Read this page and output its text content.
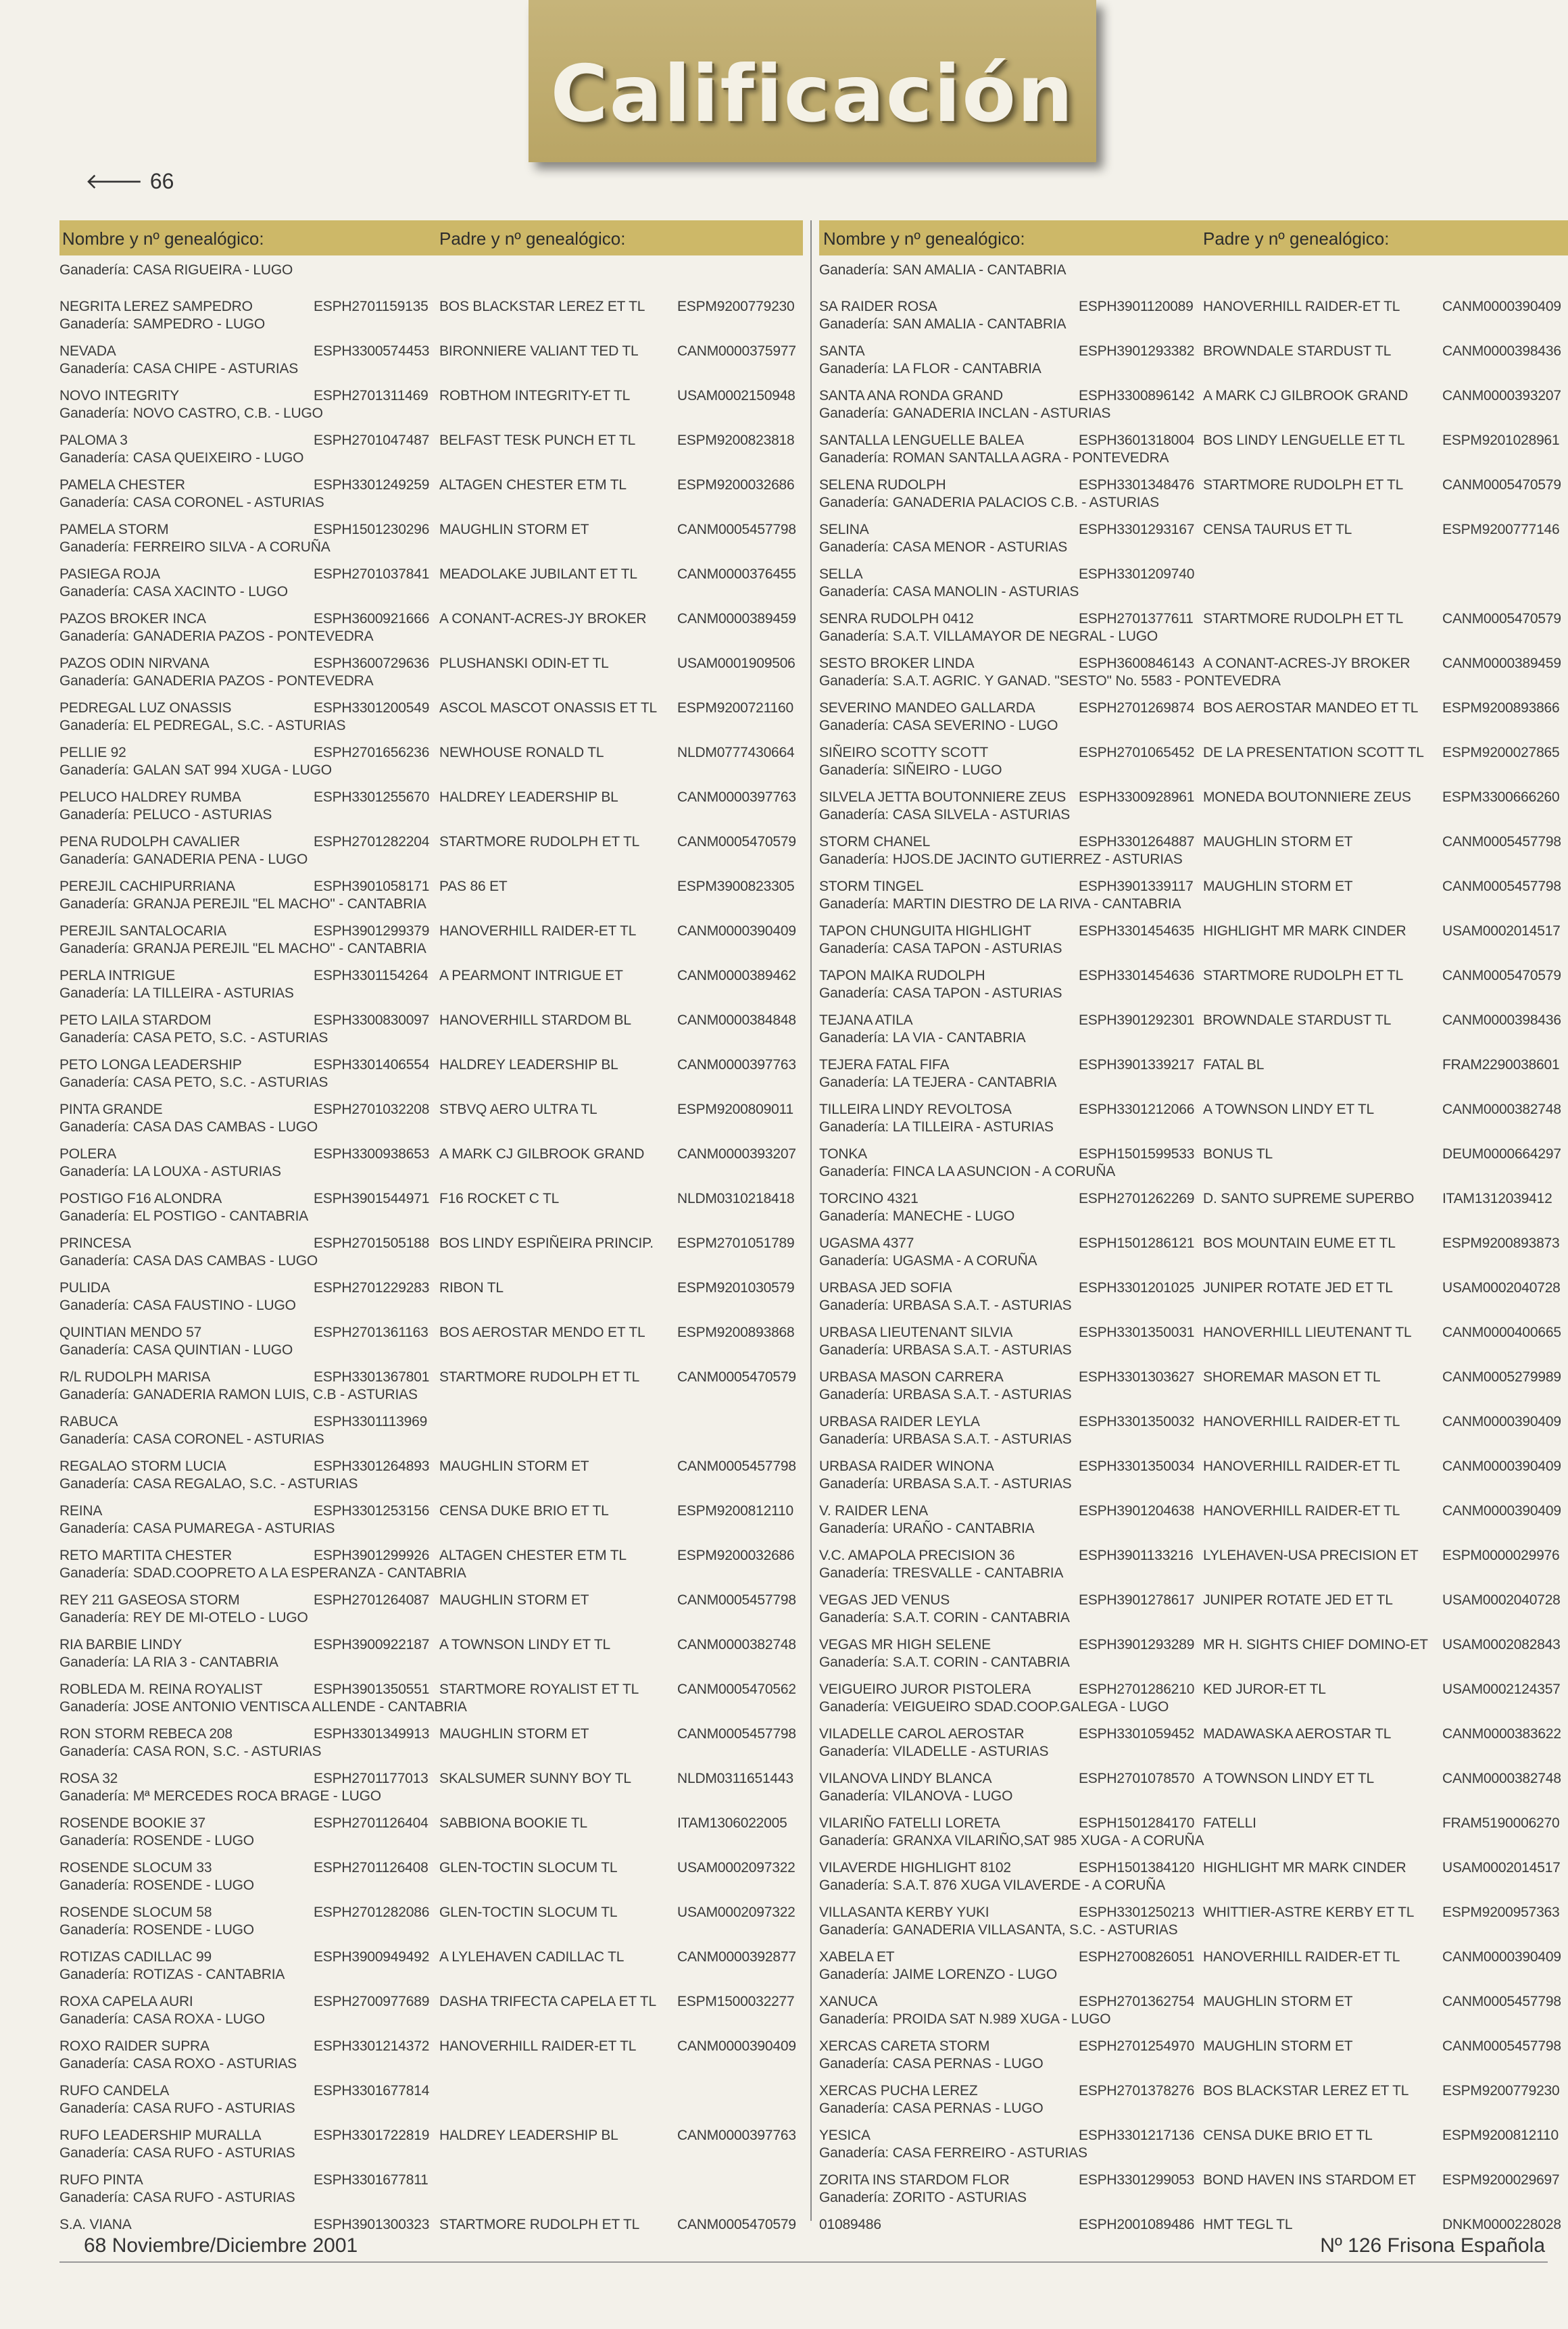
Calificación
🡐 66
Nombre y nº genealógico:	Padre y nº genealógico:
Ganadería: CASA RIGUEIRA - LUGO
NEGRITA LEREZ SAMPEDRO	ESPH2701159135 BOS BLACKSTAR LEREZ ET TL ESPM9200779230
Ganadería: SAMPEDRO - LUGO
NEVADA	ESPH3300574453 BIRONNIERE VALIANT TED TL	CANM0000375977
Ganadería: CASA CHIPE - ASTURIAS
NOVO INTEGRITY	ESPH2701311469 ROBTHOM INTEGRITY-ET TL	USAM0002150948
Ganadería: NOVO CASTRO, C.B. - LUGO
PALOMA 3	ESPH2701047487 BELFAST TESK PUNCH ET TL	ESPM9200823818
Ganadería: CASA QUEIXEIRO - LUGO
PAMELA CHESTER	ESPH3301249259 ALTAGEN CHESTER ETM TL	ESPM9200032686
Ganadería: CASA CORONEL - ASTURIAS
PAMELA STORM	ESPH1501230296 MAUGHLIN STORM ET	CANM0005457798
Ganadería: FERREIRO SILVA - A CORUÑA
PASIEGA ROJA	ESPH2701037841 MEADOLAKE JUBILANT ET TL	CANM0000376455
Ganadería: CASA XACINTO - LUGO
PAZOS BROKER INCA	ESPH3600921666 A CONANT-ACRES-JY BROKER CANM0000389459
Ganadería: GANADERIA PAZOS - PONTEVEDRA
PAZOS ODIN NIRVANA	ESPH3600729636 PLUSHANSKI ODIN-ET TL	USAM0001909506
Ganadería: GANADERIA PAZOS - PONTEVEDRA
PEDREGAL LUZ ONASSIS	ESPH3301200549 ASCOL MASCOT ONASSIS ET TL ESPM9200721160
Ganadería: EL PEDREGAL, S.C. - ASTURIAS
PELLIE 92	ESPH2701656236 NEWHOUSE RONALD TL	NLDM0777430664
Ganadería: GALAN SAT 994 XUGA - LUGO
PELUCO HALDREY RUMBA	ESPH3301255670 HALDREY LEADERSHIP BL	CANM0000397763
Ganadería: PELUCO - ASTURIAS
PENA RUDOLPH CAVALIER	ESPH2701282204 STARTMORE RUDOLPH ET TL	CANM0005470579
Ganadería: GANADERIA PENA - LUGO
PEREJIL CACHIPURRIANA	ESPH3901058171 PAS 86 ET	ESPM3900823305
Ganadería: GRANJA PEREJIL "EL MACHO" - CANTABRIA
PEREJIL SANTALOCARIA	ESPH3901299379 HANOVERHILL RAIDER-ET TL	CANM0000390409
Ganadería: GRANJA PEREJIL "EL MACHO" - CANTABRIA
PERLA INTRIGUE	ESPH3301154264 A PEARMONT INTRIGUE ET	CANM0000389462
Ganadería: LA TILLEIRA - ASTURIAS
PETO LAILA STARDOM	ESPH3300830097 HANOVERHILL STARDOM BL	CANM0000384848
Ganadería: CASA PETO, S.C. - ASTURIAS
PETO LONGA LEADERSHIP	ESPH3301406554 HALDREY LEADERSHIP BL	CANM0000397763
Ganadería: CASA PETO, S.C. - ASTURIAS
PINTA GRANDE	ESPH2701032208 STBVQ AERO ULTRA TL	ESPM9200809011
Ganadería: CASA DAS CAMBAS - LUGO
POLERA	ESPH3300938653 A MARK CJ GILBROOK GRAND CANM0000393207
Ganadería: LA LOUXA - ASTURIAS
POSTIGO F16 ALONDRA	ESPH3901544971 F16 ROCKET C TL	NLDM0310218418
Ganadería: EL POSTIGO - CANTABRIA
PRINCESA	ESPH2701505188 BOS LINDY ESPIÑEIRA PRINCIP. ESPM2701051789
Ganadería: CASA DAS CAMBAS - LUGO
PULIDA	ESPH2701229283 RIBON TL	ESPM9201030579
Ganadería: CASA FAUSTINO - LUGO
QUINTIAN MENDO 57	ESPH2701361163 BOS AEROSTAR MENDO ET TL ESPM9200893868
Ganadería: CASA QUINTIAN - LUGO
R/L RUDOLPH MARISA	ESPH3301367801 STARTMORE RUDOLPH ET TL	CANM0005470579
Ganadería: GANADERIA RAMON LUIS, C.B - ASTURIAS
RABUCA	ESPH3301113969
Ganadería: CASA CORONEL - ASTURIAS
REGALAO STORM LUCIA	ESPH3301264893 MAUGHLIN STORM ET	CANM0005457798
Ganadería: CASA REGALAO, S.C. - ASTURIAS
REINA	ESPH3301253156 CENSA DUKE BRIO ET TL	ESPM9200812110
Ganadería: CASA PUMAREGA - ASTURIAS
RETO MARTITA CHESTER	ESPH3901299926 ALTAGEN CHESTER ETM TL	ESPM9200032686
Ganadería: SDAD.COOPRETO A LA ESPERANZA - CANTABRIA
REY 211 GASEOSA STORM	ESPH2701264087 MAUGHLIN STORM ET	CANM0005457798
Ganadería: REY DE MI-OTELO - LUGO
RIA BARBIE LINDY	ESPH3900922187 A TOWNSON LINDY ET TL	CANM0000382748
Ganadería: LA RIA 3 - CANTABRIA
ROBLEDA M. REINA ROYALIST	ESPH3901350551 STARTMORE ROYALIST ET TL	CANM0005470562
Ganadería: JOSE ANTONIO VENTISCA ALLENDE - CANTABRIA
RON STORM REBECA 208	ESPH3301349913 MAUGHLIN STORM ET	CANM0005457798
Ganadería: CASA RON, S.C. - ASTURIAS
ROSA 32	ESPH2701177013 SKALSUMER SUNNY BOY TL	NLDM0311651443
Ganadería: Mª MERCEDES ROCA BRAGE - LUGO
ROSENDE BOOKIE 37	ESPH2701126404 SABBIONA BOOKIE TL	ITAM1306022005
Ganadería: ROSENDE - LUGO
ROSENDE SLOCUM 33	ESPH2701126408 GLEN-TOCTIN SLOCUM TL	USAM0002097322
Ganadería: ROSENDE - LUGO
ROSENDE SLOCUM 58	ESPH2701282086 GLEN-TOCTIN SLOCUM TL	USAM0002097322
Ganadería: ROSENDE - LUGO
ROTIZAS CADILLAC 99	ESPH3900949492 A LYLEHAVEN CADILLAC TL	CANM0000392877
Ganadería: ROTIZAS - CANTABRIA
ROXA CAPELA AURI	ESPH2700977689 DASHA TRIFECTA CAPELA ET TL ESPM1500032277
Ganadería: CASA ROXA - LUGO
ROXO RAIDER SUPRA	ESPH3301214372 HANOVERHILL RAIDER-ET TL	CANM0000390409
Ganadería: CASA ROXO - ASTURIAS
RUFO CANDELA	ESPH3301677814
Ganadería: CASA RUFO - ASTURIAS
RUFO LEADERSHIP MURALLA	ESPH3301722819 HALDREY LEADERSHIP BL	CANM0000397763
Ganadería: CASA RUFO - ASTURIAS
RUFO PINTA	ESPH3301677811
Ganadería: CASA RUFO - ASTURIAS
S.A. VIANA	ESPH3901300323 STARTMORE RUDOLPH ET TL	CANM0005470579
Nombre y nº genealógico:	Padre y nº genealógico:
Ganadería: SAN AMALIA - CANTABRIA
SA RAIDER ROSA	ESPH3901120089 HANOVERHILL RAIDER-ET TL	CANM0000390409
Ganadería: SAN AMALIA - CANTABRIA
SANTA	ESPH3901293382 BROWNDALE STARDUST TL	CANM0000398436
Ganadería: LA FLOR - CANTABRIA
SANTA ANA RONDA GRAND	ESPH3300896142 A MARK CJ GILBROOK GRAND CANM0000393207
Ganadería: GANADERIA INCLAN - ASTURIAS
SANTALLA LENGUELLE BALEA	ESPH3601318004 BOS LINDY LENGUELLE ET TL	ESPM9201028961
Ganadería: ROMAN SANTALLA AGRA - PONTEVEDRA
SELENA RUDOLPH	ESPH3301348476 STARTMORE RUDOLPH ET TL	CANM0005470579
Ganadería: GANADERIA PALACIOS C.B. - ASTURIAS
SELINA	ESPH3301293167 CENSA TAURUS ET TL	ESPM9200777146
Ganadería: CASA MENOR - ASTURIAS
SELLA	ESPH3301209740
Ganadería: CASA MANOLIN - ASTURIAS
SENRA RUDOLPH 0412	ESPH2701377611 STARTMORE RUDOLPH ET TL	CANM0005470579
Ganadería: S.A.T. VILLAMAYOR DE NEGRAL - LUGO
SESTO BROKER LINDA	ESPH3600846143 A CONANT-ACRES-JY BROKER CANM0000389459
Ganadería: S.A.T. AGRIC. Y GANAD. "SESTO" No. 5583 - PONTEVEDRA
SEVERINO MANDEO GALLARDA	ESPH2701269874 BOS AEROSTAR MANDEO ET TL ESPM9200893866
Ganadería: CASA SEVERINO - LUGO
SIÑEIRO SCOTTY SCOTT	ESPH2701065452 DE LA PRESENTATION SCOTT TL ESPM9200027865
Ganadería: SIÑEIRO - LUGO
SILVELA JETTA BOUTONNIERE ZEUS ESPH3300928961 MONEDA BOUTONNIERE ZEUS ESPM3300666260
Ganadería: CASA SILVELA - ASTURIAS
STORM CHANEL	ESPH3301264887 MAUGHLIN STORM ET	CANM0005457798
Ganadería: HJOS.DE JACINTO GUTIERREZ - ASTURIAS
STORM TINGEL	ESPH3901339117 MAUGHLIN STORM ET	CANM0005457798
Ganadería: MARTIN DIESTRO DE LA RIVA - CANTABRIA
TAPON CHUNGUITA HIGHLIGHT	ESPH3301454635 HIGHLIGHT MR MARK CINDER	USAM0002014517
Ganadería: CASA TAPON - ASTURIAS
TAPON MAIKA RUDOLPH	ESPH3301454636 STARTMORE RUDOLPH ET TL	CANM0005470579
Ganadería: CASA TAPON - ASTURIAS
TEJANA ATILA	ESPH3901292301 BROWNDALE STARDUST TL	CANM0000398436
Ganadería: LA VIA - CANTABRIA
TEJERA FATAL FIFA	ESPH3901339217 FATAL BL	FRAM2290038601
Ganadería: LA TEJERA - CANTABRIA
TILLEIRA LINDY REVOLTOSA	ESPH3301212066 A TOWNSON LINDY ET TL	CANM0000382748
Ganadería: LA TILLEIRA - ASTURIAS
TONKA	ESPH1501599533 BONUS TL	DEUM0000664297
Ganadería: FINCA LA ASUNCION - A CORUÑA
TORCINO 4321	ESPH2701262269 D. SANTO SUPREME SUPERBO ITAM1312039412
Ganadería: MANECHE - LUGO
UGASMA 4377	ESPH1501286121 BOS MOUNTAIN EUME ET TL	ESPM9200893873
Ganadería: UGASMA - A CORUÑA
URBASA JED SOFIA	ESPH3301201025 JUNIPER ROTATE JED ET TL	USAM0002040728
Ganadería: URBASA S.A.T. - ASTURIAS
URBASA LIEUTENANT SILVIA	ESPH3301350031 HANOVERHILL LIEUTENANT TL CANM0000400665
Ganadería: URBASA S.A.T. - ASTURIAS
URBASA MASON CARRERA	ESPH3301303627 SHOREMAR MASON ET TL	CANM0005279989
Ganadería: URBASA S.A.T. - ASTURIAS
URBASA RAIDER LEYLA	ESPH3301350032 HANOVERHILL RAIDER-ET TL	CANM0000390409
Ganadería: URBASA S.A.T. - ASTURIAS
URBASA RAIDER WINONA	ESPH3301350034 HANOVERHILL RAIDER-ET TL	CANM0000390409
Ganadería: URBASA S.A.T. - ASTURIAS
V. RAIDER LENA	ESPH3901204638 HANOVERHILL RAIDER-ET TL	CANM0000390409
Ganadería: URAÑO - CANTABRIA
V.C. AMAPOLA PRECISION 36	ESPH3901133216 LYLEHAVEN-USA PRECISION ET ESPM0000029976
Ganadería: TRESVALLE - CANTABRIA
VEGAS JED VENUS	ESPH3901278617 JUNIPER ROTATE JED ET TL	USAM0002040728
Ganadería: S.A.T. CORIN - CANTABRIA
VEGAS MR HIGH SELENE	ESPH3901293289 MR H. SIGHTS CHIEF DOMINO-ET USAM0002082843
Ganadería: S.A.T. CORIN - CANTABRIA
VEIGUEIRO JUROR PISTOLERA	ESPH2701286210 KED JUROR-ET TL	USAM0002124357
Ganadería: VEIGUEIRO SDAD.COOP.GALEGA - LUGO
VILADELLE CAROL AEROSTAR	ESPH3301059452 MADAWASKA AEROSTAR TL	CANM0000383622
Ganadería: VILADELLE - ASTURIAS
VILANOVA LINDY BLANCA	ESPH2701078570 A TOWNSON LINDY ET TL	CANM0000382748
Ganadería: VILANOVA - LUGO
VILARIÑO FATELLI LORETA	ESPH1501284170 FATELLI	FRAM5190006270
Ganadería: GRANXA VILARIÑO,SAT 985 XUGA - A CORUÑA
VILAVERDE HIGHLIGHT 8102	ESPH1501384120 HIGHLIGHT MR MARK CINDER	USAM0002014517
Ganadería: S.A.T. 876 XUGA VILAVERDE - A CORUÑA
VILLASANTA KERBY YUKI	ESPH3301250213 WHITTIER-ASTRE KERBY ET TL ESPM9200957363
Ganadería: GANADERIA VILLASANTA, S.C. - ASTURIAS
XABELA ET	ESPH2700826051 HANOVERHILL RAIDER-ET TL	CANM0000390409
Ganadería: JAIME LORENZO - LUGO
XANUCA	ESPH2701362754 MAUGHLIN STORM ET	CANM0005457798
Ganadería: PROIDA SAT N.989 XUGA - LUGO
XERCAS CARETA STORM	ESPH2701254970 MAUGHLIN STORM ET	CANM0005457798
Ganadería: CASA PERNAS - LUGO
XERCAS PUCHA LEREZ	ESPH2701378276 BOS BLACKSTAR LEREZ ET TL ESPM9200779230
Ganadería: CASA PERNAS - LUGO
YESICA	ESPH3301217136 CENSA DUKE BRIO ET TL	ESPM9200812110
Ganadería: CASA FERREIRO - ASTURIAS
ZORITA INS STARDOM FLOR	ESPH3301299053 BOND HAVEN INS STARDOM ET ESPM9200029697
Ganadería: ZORITO - ASTURIAS
01089486	ESPH2001089486 HMT TEGL TL	DNKM0000228028
68 Noviembre/Diciembre 2001	Nº 126 Frisona Española
